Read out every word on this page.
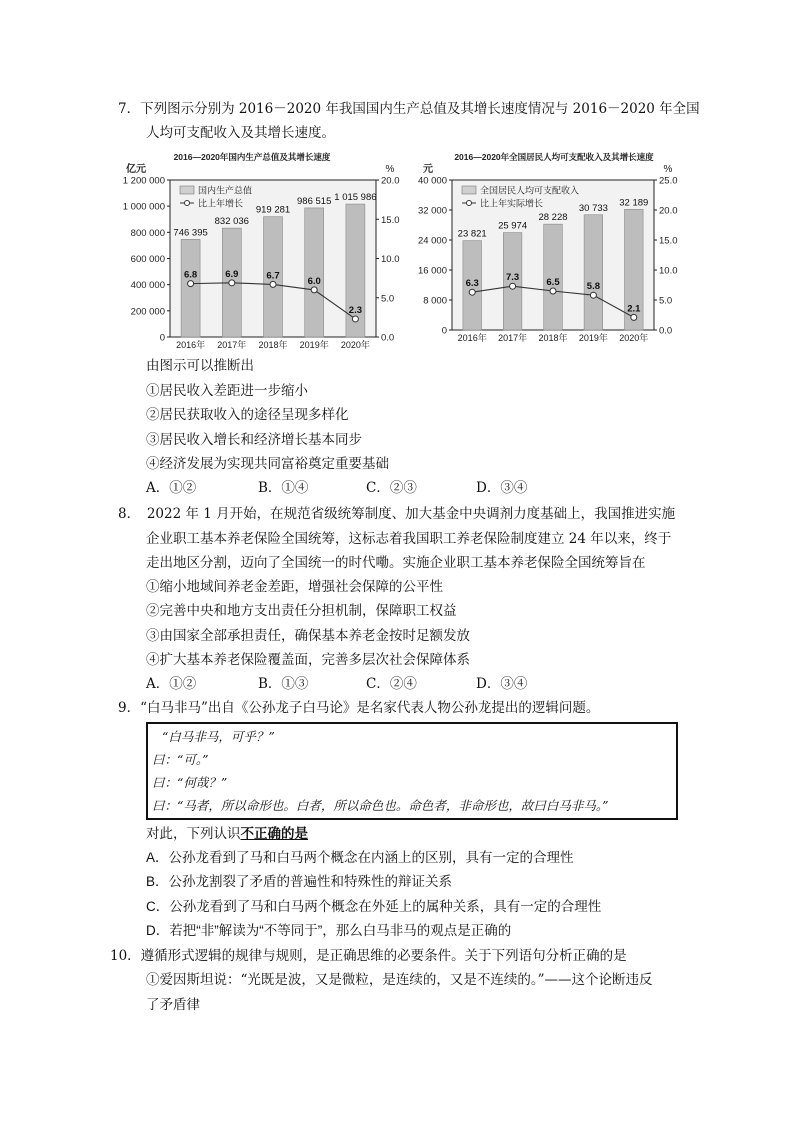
7．下列图示分别为 2016－2020 年我国国内生产总值及其增长速度情况与 2016－2020 年全国
人均可支配收入及其增长速度。
2016—2020年国内生产总值及其增长速度
亿元	%
1 200 000
1 000 000
800 000
600 000
400 000
200 000
0
20.0
15.0
10.0
5.0
0.0
国内生产总值
比上年增长
746 395
2016年
832 036
2017年
919 281
2018年
986 515
2019年
1 015 986
2020年
6.8	6.9	6.7	6.0
2.3
2016—2020年全国居民人均可支配收入及其增长速度
元	%
40 000
32 000
24 000
16 000
8 000
0
25.0
20.0
15.0
10.0
5.0
0.0
全国居民人均可支配收入
比上年实际增长
23 821
2016年
25 974
2017年
28 228
2018年
30 733
2019年
32 189
2020年
6.3
7.3	6.5	5.8
2.1
由图示可以推断出
①居民收入差距进一步缩小
②居民获取收入的途径呈现多样化
③居民收入增长和经济增长基本同步
④经济发展为实现共同富裕奠定重要基础
A．①②	B．①④	C．②③	D．③④
8．　2022 年 1 月开始，在规范省级统筹制度、加大基金中央调剂力度基础上，我国推进实施
企业职工基本养老保险全国统筹，这标志着我国职工养老保险制度建立 24 年以来，终于
走出地区分割，迈向了全国统一的时代嘞。实施企业职工基本养老保险全国统筹旨在
①缩小地域间养老金差距，增强社会保障的公平性
②完善中央和地方支出责任分担机制，保障职工权益
③由国家全部承担责任，确保基本养老金按时足额发放
④扩大基本养老保险覆盖面，完善多层次社会保障体系
A．①②	B．①③	C．②④	D．③④
9．“白马非马”出自《公孙龙子白马论》是名家代表人物公孙龙提出的逻辑问题。
“白马非马，可乎？”
曰：“可。”
曰：“何哉？”
曰：“马者，所以命形也。白者，所以命色也。命色者，非命形也，故曰白马非马。”
对此，下列认识不正确的是
A．公孙龙看到了马和白马两个概念在内涵上的区别，具有一定的合理性
B．公孙龙割裂了矛盾的普遍性和特殊性的辩证关系
C．公孙龙看到了马和白马两个概念在外延上的属种关系，具有一定的合理性
D．若把“非”解读为“不等同于”，那么白马非马的观点是正确的
10．遵循形式逻辑的规律与规则，是正确思维的必要条件。关于下列语句分析正确的是
①爱因斯坦说：“光既是波，又是微粒，是连续的，又是不连续的。”——这个论断违反
了矛盾律
